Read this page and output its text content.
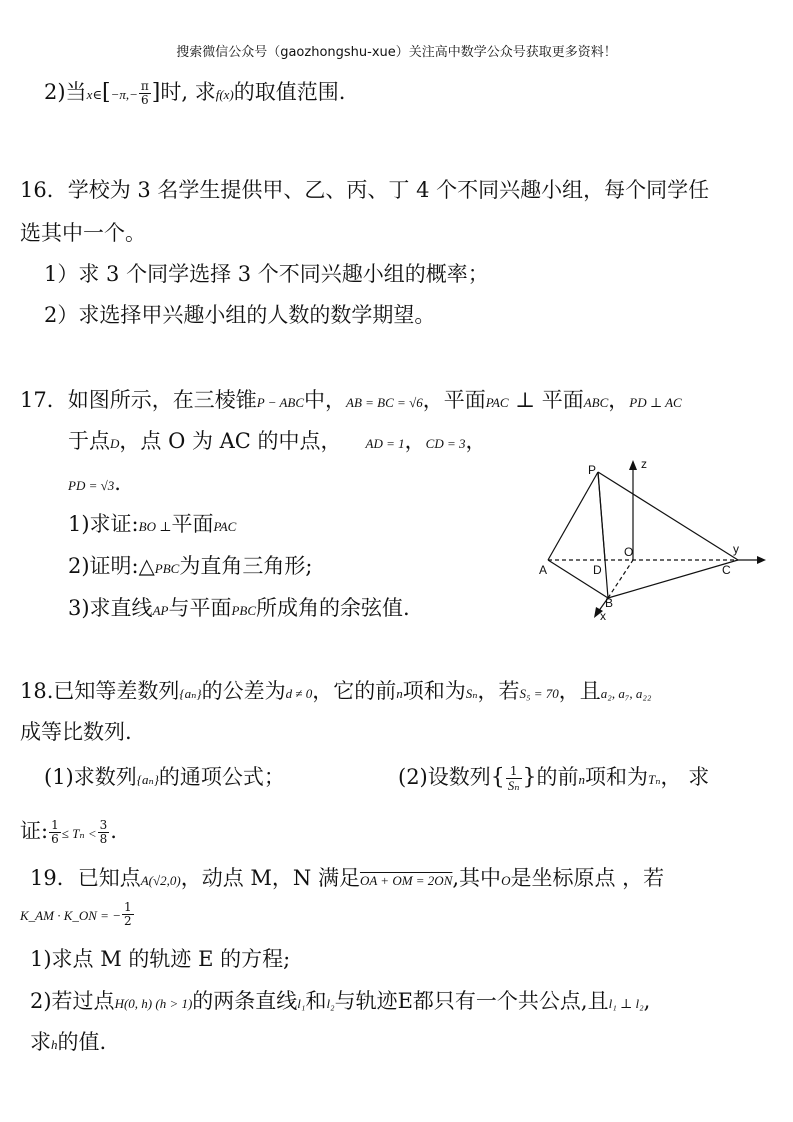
搜索微信公众号（gaozhongshu-xue）关注高中数学公众号获取更多资料！
2)当x∈[−π,− $\frac{\pi}{6}$ ]时, 求f(x)的取值范围.
16．学校为 3 名学生提供甲、乙、丙、丁 4 个不同兴趣小组，每个同学任
选其中一个。
1）求 3 个同学选择 3 个不同兴趣小组的概率；
2）求选择甲兴趣小组的人数的数学期望。
17．如图所示，在三棱锥P − ABC中，AB = BC = √6，平面PAC ⊥ 平面ABC，PD ⊥ AC
于点D，点 O 为 AC 的中点， AD = 1，CD = 3，
PD = √3.
1)求证:BO ⊥平面PAC
2)证明:△PBC为直角三角形;
3)求直线AP与平面PBC所成角的余弦值.
P	z
O	y
A	D	C
B
x
18.已知等差数列{aₙ}的公差为d ≠ 0，它的前n项和为Sₙ，若S₅ = 70，且a₂, a₇, a₂₂
成等比数列.
(1)求数列{aₙ}的通项公式；	(2)设数列{ $\frac{1}{\text{Sₙ}}$ }的前n项和为Tₙ， 求
证: $\frac{1}{6} \le T_n < \frac{3}{8}$ .
19．已知点A(√2,0)，动点 M，N 满足OA + OM = 2ON,其中O是坐标原点 ，若
K_AM · K_ON = − $\frac{1}{2}$
1)求点 M 的轨迹 E 的方程;
2)若过点H(0, h) (h > 1)的两条直线l₁和l₂与轨迹E都只有一个共公点,且l₁ ⊥ l₂,
求h的值.
